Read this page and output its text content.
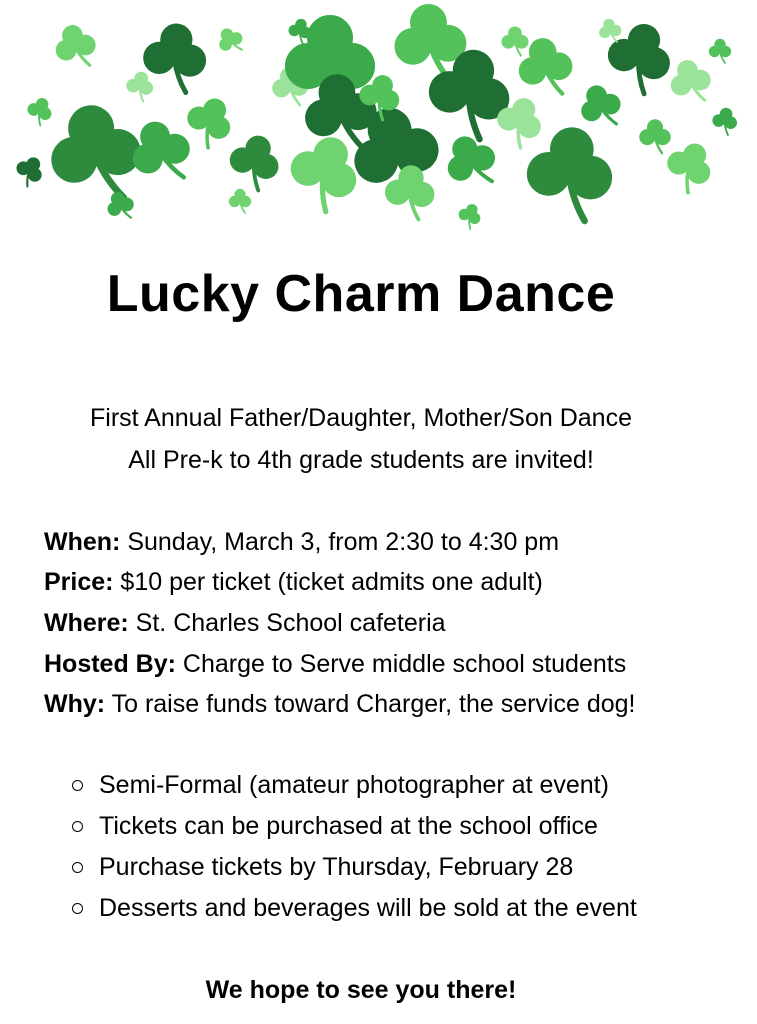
Lucky Charm Dance

First Annual Father/Daughter, Mother/Son Dance

All Pre-k to 4th grade students are invited!

When: Sunday, March 3, from 2:30 to 4:30 pm

Price: $10 per ticket (ticket admits one adult)

Where: St. Charles School cafeteria

Hosted By: Charge to Serve middle school students

Why: To raise funds toward Charger, the service dog!

Semi-Formal (amateur photographer at event)
Tickets can be purchased at the school office
Purchase tickets by Thursday, February 28
Desserts and beverages will be sold at the event

We hope to see you there!
